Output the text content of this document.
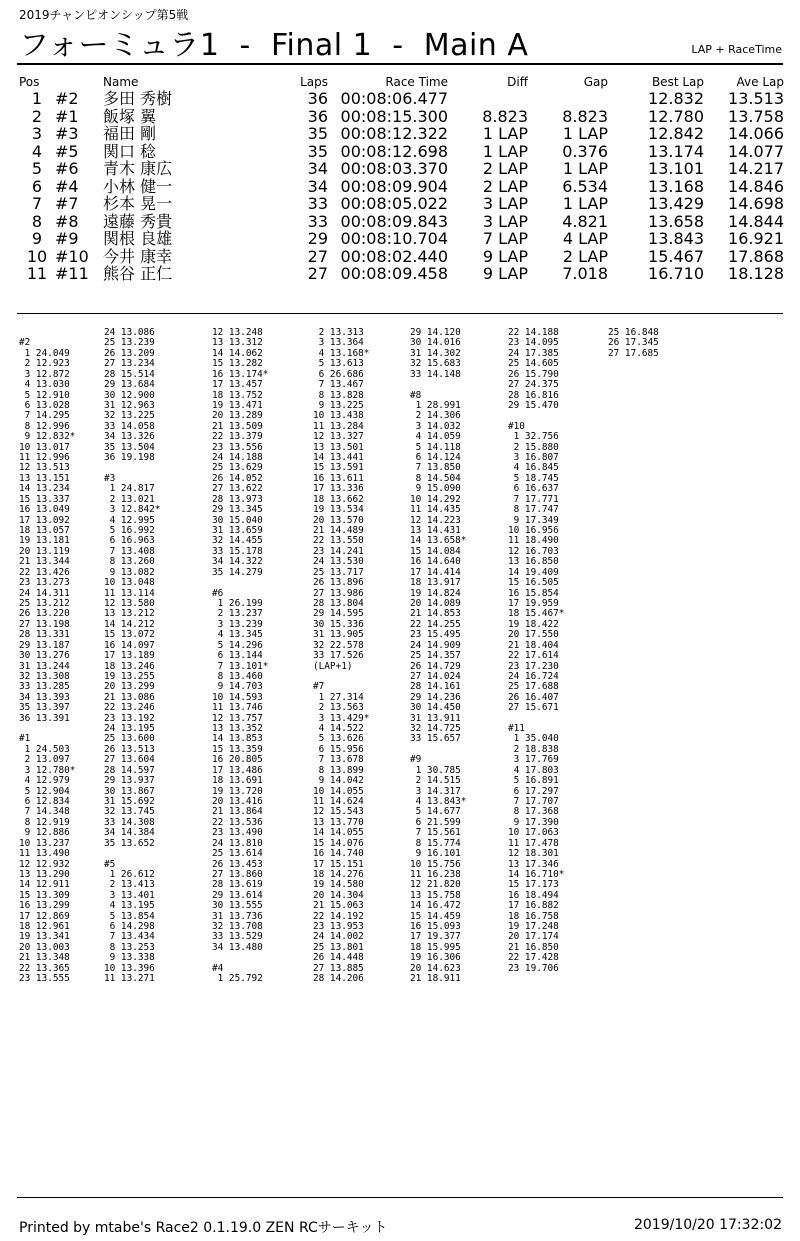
2019チャンピオンシップ第5戦
フォーミュラ1  -  Final 1  -  Main A	LAP + RaceTime
Pos		Name	Laps	Race Time	Diff	Gap	Best Lap	Ave Lap
1	#2	多田 秀樹	36	00:08:06.477			12.832	13.513
2	#1	飯塚 翼	36	00:08:15.300	8.823	8.823	12.780	13.758
3	#3	福田 剛	35	00:08:12.322	1 LAP	1 LAP	12.842	14.066
4	#5	関口 稔	35	00:08:12.698	1 LAP	0.376	13.174	14.077
5	#6	青木 康広	34	00:08:03.370	2 LAP	1 LAP	13.101	14.217
6	#4	小林 健一	34	00:08:09.904	2 LAP	6.534	13.168	14.846
7	#7	杉本 晃一	33	00:08:05.022	3 LAP	1 LAP	13.429	14.698
8	#8	遠藤 秀貴	33	00:08:09.843	3 LAP	4.821	13.658	14.844
9	#9	関根 良雄	29	00:08:10.704	7 LAP	4 LAP	13.843	16.921
10	#10	今井 康幸	27	00:08:02.440	9 LAP	2 LAP	15.467	17.868
11	#11	熊谷 正仁	27	00:08:09.458	9 LAP	7.018	16.710	18.128

#2
1 24.049
2 12.923
3 12.872
4 13.030
5 12.910
6 13.028
7 14.295
8 12.996
9 12.832*
10 13.017
11 12.996
12 13.513
13 13.151
14 13.234
15 13.337
16 13.049
17 13.092
18 13.057
19 13.181
20 13.119
21 13.344
22 13.426
23 13.273
24 14.311
25 13.212
26 13.220
27 13.198
28 13.331
29 13.187
30 13.276
31 13.244
32 13.308
33 13.285
34 13.393
35 13.397
36 13.391

#1
1 24.503
2 13.097
3 12.780*
4 12.979
5 12.904
6 12.834
7 14.348
8 12.919
9 12.886
10 13.237
11 13.490
12 12.932
13 13.290
14 12.911
15 13.309
16 13.299
17 12.869
18 12.961
19 13.341
20 13.003
21 13.348
22 13.365
23 13.555
24 13.086
25 13.239
26 13.209
27 13.234
28 15.514
29 13.684
30 12.900
31 12.963
32 13.225
33 14.058
34 13.326
35 13.504
36 19.198

#3
1 24.817
2 13.021
3 12.842*
4 12.995
5 16.992
6 16.963
7 13.408
8 13.260
9 13.082
10 13.048
11 13.114
12 13.580
13 13.212
14 14.212
15 13.072
16 14.097
17 13.189
18 13.246
19 13.255
20 13.299
21 13.086
22 13.246
23 13.192
24 13.195
25 13.600
26 13.513
27 13.604
28 14.597
29 13.937
30 13.867
31 15.692
32 13.745
33 14.308
34 14.384
35 13.652

#5
1 26.612
2 13.413
3 13.401
4 13.195
5 13.854
6 14.298
7 13.434
8 13.253
9 13.338
10 13.396
11 13.271
12 13.248
13 13.312
14 14.062
15 13.282
16 13.174*
17 13.457
18 13.752
19 13.471
20 13.289
21 13.509
22 13.379
23 13.556
24 14.188
25 13.629
26 14.052
27 13.622
28 13.973
29 13.345
30 15.040
31 13.659
32 14.455
33 15.178
34 14.322
35 14.279

#6
1 26.199
2 13.237
3 13.239
4 13.345
5 14.296
6 13.144
7 13.101*
8 13.460
9 14.703
10 14.593
11 13.746
12 13.757
13 13.352
14 13.853
15 13.359
16 20.805
17 13.486
18 13.691
19 13.720
20 13.416
21 13.864
22 13.536
23 13.490
24 13.810
25 13.614
26 13.453
27 13.860
28 13.619
29 13.614
30 13.555
31 13.736
32 13.708
33 13.529
34 13.480

#4
1 25.792
2 13.313
3 13.364
4 13.168*
5 13.613
6 26.686
7 13.467
8 13.828
9 13.225
10 13.438
11 13.284
12 13.327
13 13.501
14 13.441
15 13.591
16 13.611
17 13.336
18 13.662
19 13.534
20 13.570
21 14.489
22 13.550
23 14.241
24 13.530
25 13.717
26 13.896
27 13.986
28 13.804
29 14.595
30 15.336
31 13.905
32 22.578
33 17.526
(LAP+1)

#7
1 27.314
2 13.563
3 13.429*
4 14.522
5 13.626
6 15.956
7 13.678
8 13.899
9 14.042
10 14.055
11 14.624
12 15.543
13 13.770
14 14.055
15 14.076
16 14.740
17 15.151
18 14.276
19 14.580
20 14.304
21 15.063
22 14.192
23 13.953
24 14.002
25 13.801
26 14.448
27 13.885
28 14.206
29 14.120
30 14.016
31 14.302
32 15.683
33 14.148

#8
1 28.991
2 14.306
3 14.032
4 14.059
5 14.118
6 14.124
7 13.850
8 14.504
9 15.090
10 14.292
11 14.435
12 14.223
13 14.431
14 13.658*
15 14.084
16 14.640
17 14.414
18 13.917
19 14.824
20 14.089
21 14.853
22 14.255
23 15.495
24 14.909
25 14.357
26 14.729
27 14.024
28 14.161
29 14.236
30 14.450
31 13.911
32 14.725
33 15.657

#9
1 30.785
2 14.515
3 14.317
4 13.843*
5 14.677
6 21.599
7 15.561
8 15.774
9 16.101
10 15.756
11 16.238
12 21.820
13 15.758
14 16.472
15 14.459
16 15.093
17 19.377
18 15.995
19 16.306
20 14.623
21 18.911
22 14.188
23 14.095
24 17.385
25 14.605
26 15.790
27 24.375
28 16.816
29 15.470

#10
1 32.756
2 15.880
3 16.807
4 16.845
5 18.745
6 16.637
7 17.771
8 17.747
9 17.349
10 16.956
11 18.490
12 16.703
13 16.850
14 19.409
15 16.505
16 15.854
17 19.959
18 15.467*
19 18.422
20 17.550
21 18.404
22 17.614
23 17.230
24 16.724
25 17.688
26 16.407
27 15.671

#11
1 35.040
2 18.838
3 17.769
4 17.803
5 16.891
6 17.297
7 17.707
8 17.368
9 17.390
10 17.063
11 17.478
12 18.301
13 17.346
14 16.710*
15 17.173
16 18.494
17 16.882
18 16.758
19 17.248
20 17.174
21 16.850
22 17.428
23 19.706
25 16.848
26 17.345
27 17.685
Printed by mtabe's Race2 0.1.19.0 ZEN RCサーキット	2019/10/20 17:32:02
